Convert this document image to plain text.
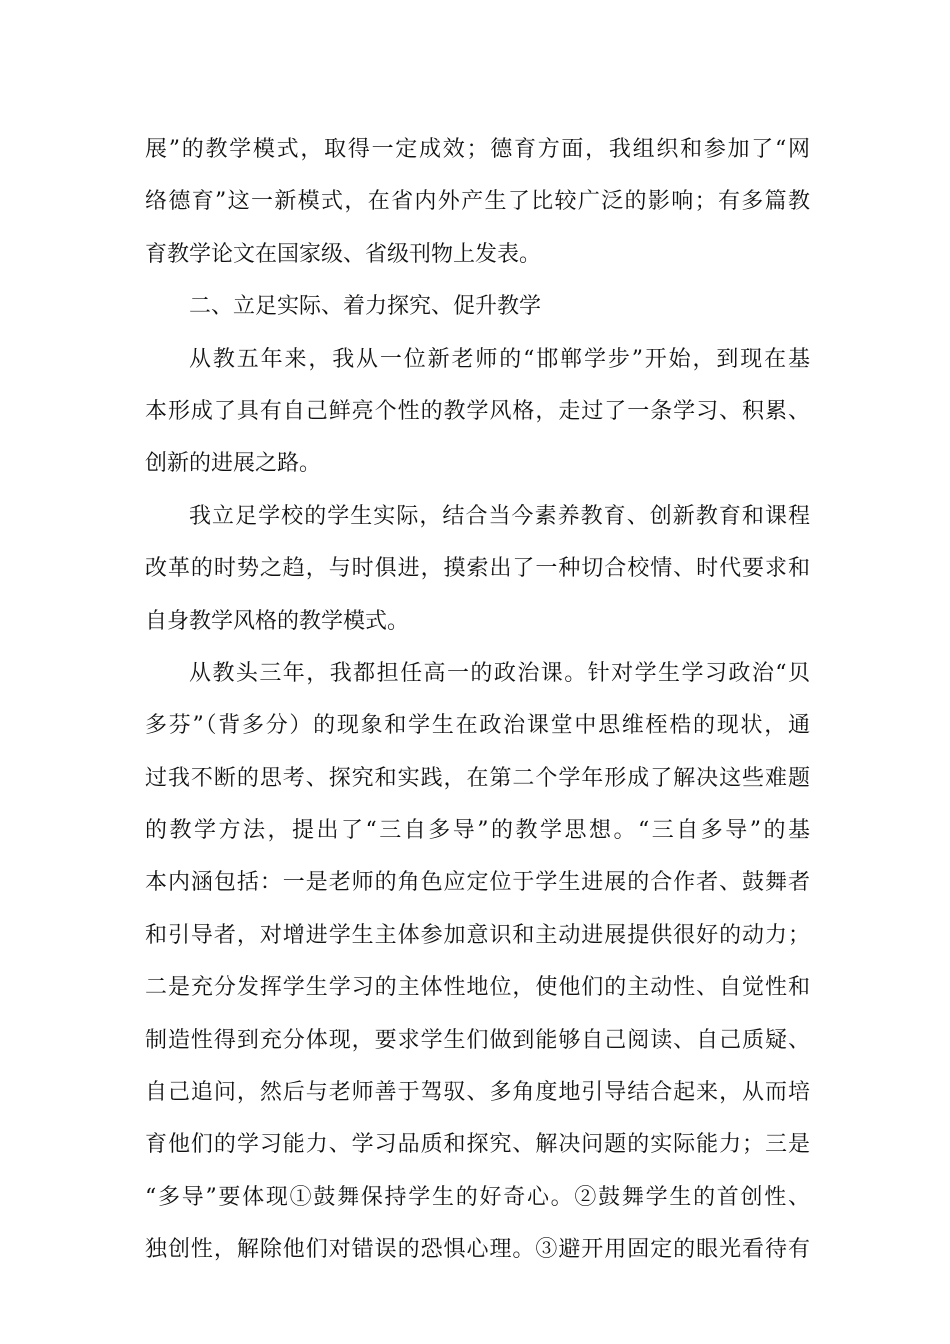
展”的教学模式，取得一定成效；德育方面，我组织和参加了“网
络德育”这一新模式，在省内外产生了比较广泛的影响；有多篇教
育教学论文在国家级、省级刊物上发表。
二、立足实际、着力探究、促升教学
从教五年来，我从一位新老师的“邯郸学步”开始，到现在基
本形成了具有自己鲜亮个性的教学风格，走过了一条学习、积累、
创新的进展之路。
我立足学校的学生实际，结合当今素养教育、创新教育和课程
改革的时势之趋，与时俱进，摸索出了一种切合校情、时代要求和
自身教学风格的教学模式。
从教头三年，我都担任高一的政治课。针对学生学习政治“贝
多芬”（背多分）的现象和学生在政治课堂中思维桎梏的现状，通
过我不断的思考、探究和实践，在第二个学年形成了解决这些难题
的教学方法，提出了“三自多导”的教学思想。“三自多导”的基
本内涵包括：一是老师的角色应定位于学生进展的合作者、鼓舞者
和引导者，对增进学生主体参加意识和主动进展提供很好的动力；
二是充分发挥学生学习的主体性地位，使他们的主动性、自觉性和
制造性得到充分体现，要求学生们做到能够自己阅读、自己质疑、
自己追问，然后与老师善于驾驭、多角度地引导结合起来，从而培
育他们的学习能力、学习品质和探究、解决问题的实际能力；三是
“多导”要体现①鼓舞保持学生的好奇心。②鼓舞学生的首创性、
独创性，解除他们对错误的恐惧心理。③避开用固定的眼光看待有
